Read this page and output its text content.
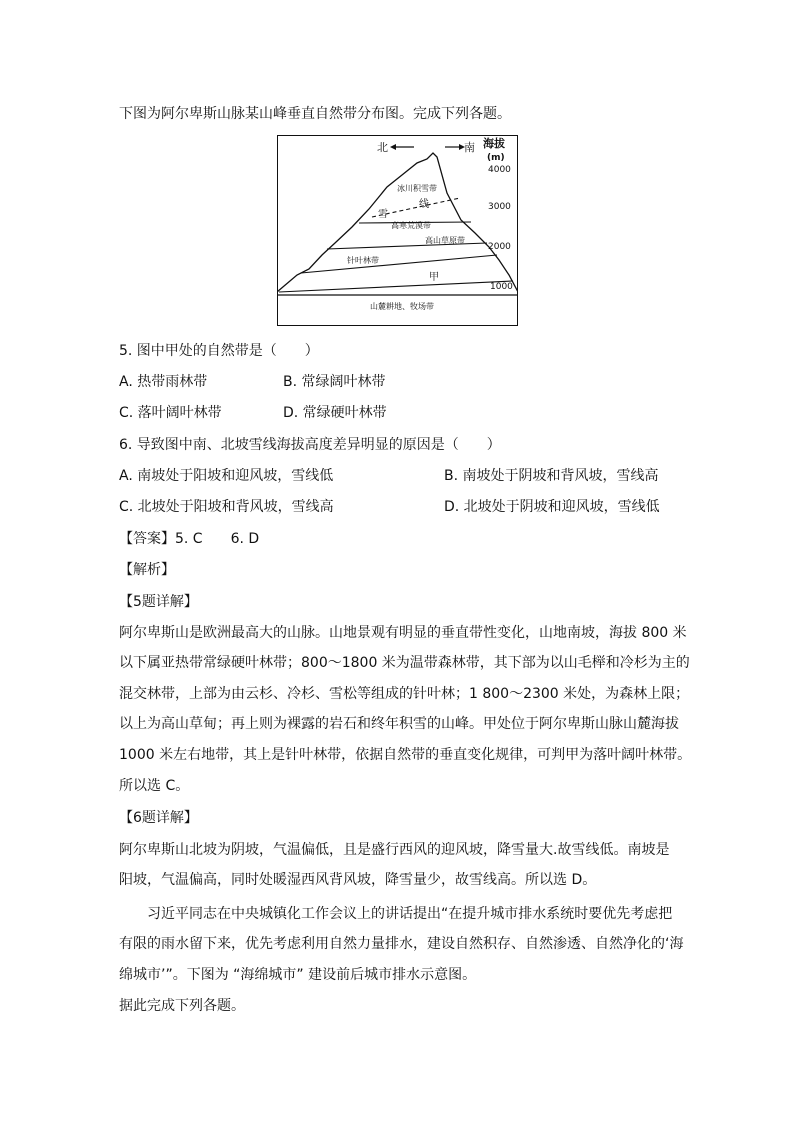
下图为阿尔卑斯山脉某山峰垂直自然带分布图。完成下列各题。
北	南 海拔
(m)
4000
3000
2000
1000
冰川积雪带
雪
线
高寒荒漠带
高山草原带
针叶林带
甲
山麓耕地、牧场带
5. 图中甲处的自然带是（　　）
A. 热带雨林带	B. 常绿阔叶林带
C. 落叶阔叶林带	D. 常绿硬叶林带
6. 导致图中南、北坡雪线海拔高度差异明显的原因是（　　）
A. 南坡处于阳坡和迎风坡，雪线低	B. 南坡处于阴坡和背风坡，雪线高
C. 北坡处于阳坡和背风坡，雪线高	D. 北坡处于阴坡和迎风坡，雪线低
【答案】5. C　　6. D
【解析】
【5题详解】
阿尔卑斯山是欧洲最高大的山脉。山地景观有明显的垂直带性变化，山地南坡，海拔 800 米
以下属亚热带常绿硬叶林带；800～1800 米为温带森林带，其下部为以山毛榉和冷杉为主的
混交林带，上部为由云杉、冷杉、雪松等组成的针叶林；1 800～2300 米处，为森林上限；
以上为高山草甸；再上则为裸露的岩石和终年积雪的山峰。甲处位于阿尔卑斯山脉山麓海拔
1000 米左右地带，其上是针叶林带，依据自然带的垂直变化规律，可判甲为落叶阔叶林带。
所以选 C。
【6题详解】
阿尔卑斯山北坡为阴坡，气温偏低，且是盛行西风的迎风坡，降雪量大.故雪线低。南坡是
阳坡，气温偏高，同时处暖湿西风背风坡，降雪量少，故雪线高。所以选 D。
习近平同志在中央城镇化工作会议上的讲话提出“在提升城市排水系统时要优先考虑把
有限的雨水留下来，优先考虑利用自然力量排水，建设自然积存、自然渗透、自然净化的‘海
绵城市’”。下图为 “海绵城市” 建设前后城市排水示意图。
据此完成下列各题。
